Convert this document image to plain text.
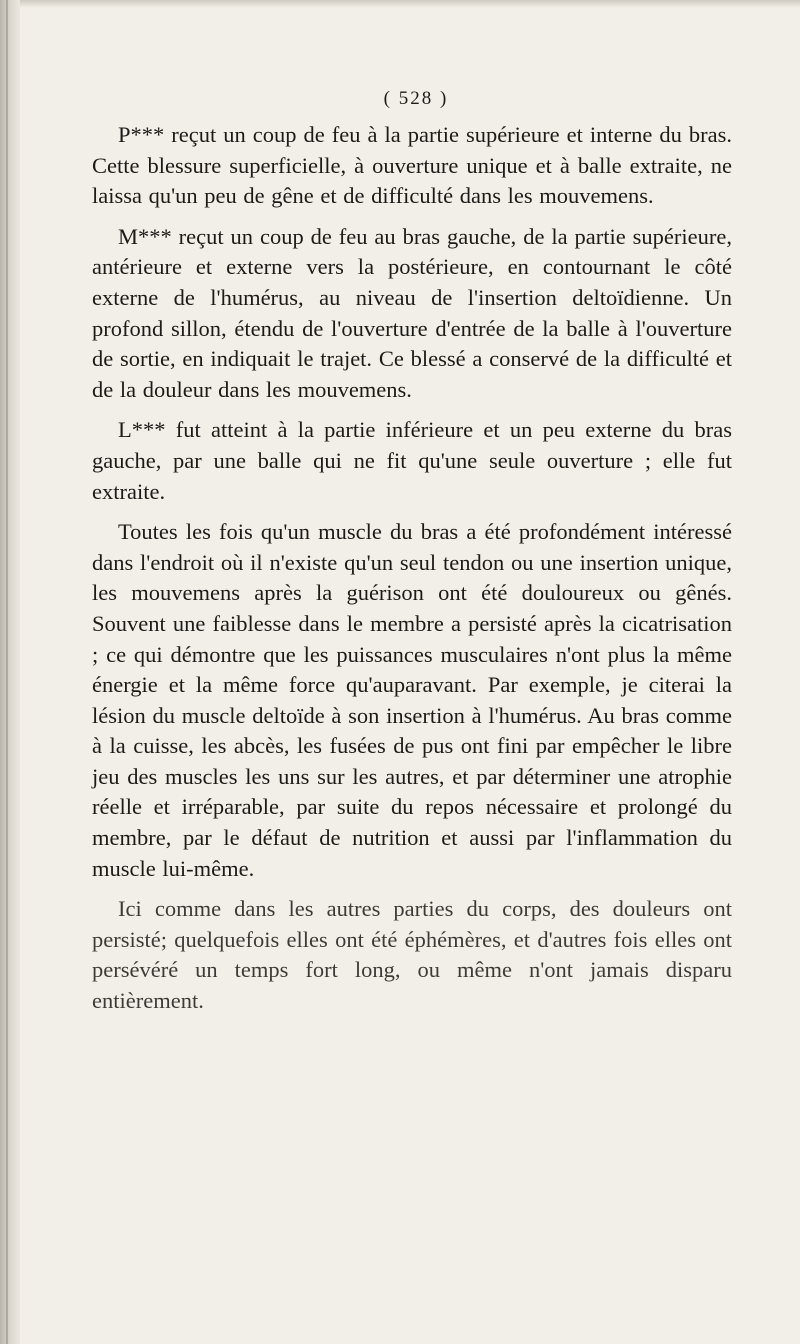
( 528 )

P*** reçut un coup de feu à la partie supérieure et interne du bras. Cette blessure superficielle, à ouverture unique et à balle extraite, ne laissa qu'un peu de gêne et de difficulté dans les mouvemens.

M*** reçut un coup de feu au bras gauche, de la partie supérieure, antérieure et externe vers la postérieure, en contournant le côté externe de l'humérus, au niveau de l'insertion deltoïdienne. Un profond sillon, étendu de l'ouverture d'entrée de la balle à l'ouverture de sortie, en indiquait le trajet. Ce blessé a conservé de la difficulté et de la douleur dans les mouvemens.

L*** fut atteint à la partie inférieure et un peu externe du bras gauche, par une balle qui ne fit qu'une seule ouverture ; elle fut extraite.

Toutes les fois qu'un muscle du bras a été profondément intéressé dans l'endroit où il n'existe qu'un seul tendon ou une insertion unique, les mouvemens après la guérison ont été douloureux ou gênés. Souvent une faiblesse dans le membre a persisté après la cicatrisation ; ce qui démontre que les puissances musculaires n'ont plus la même énergie et la même force qu'auparavant. Par exemple, je citerai la lésion du muscle deltoïde à son insertion à l'humérus. Au bras comme à la cuisse, les abcès, les fusées de pus ont fini par empêcher le libre jeu des muscles les uns sur les autres, et par déterminer une atrophie réelle et irréparable, par suite du repos nécessaire et prolongé du membre, par le défaut de nutrition et aussi par l'inflammation du muscle lui-même.

Ici comme dans les autres parties du corps, des douleurs ont persisté; quelquefois elles ont été éphémères, et d'autres fois elles ont persévéré un temps fort long, ou même n'ont jamais disparu entièrement.
